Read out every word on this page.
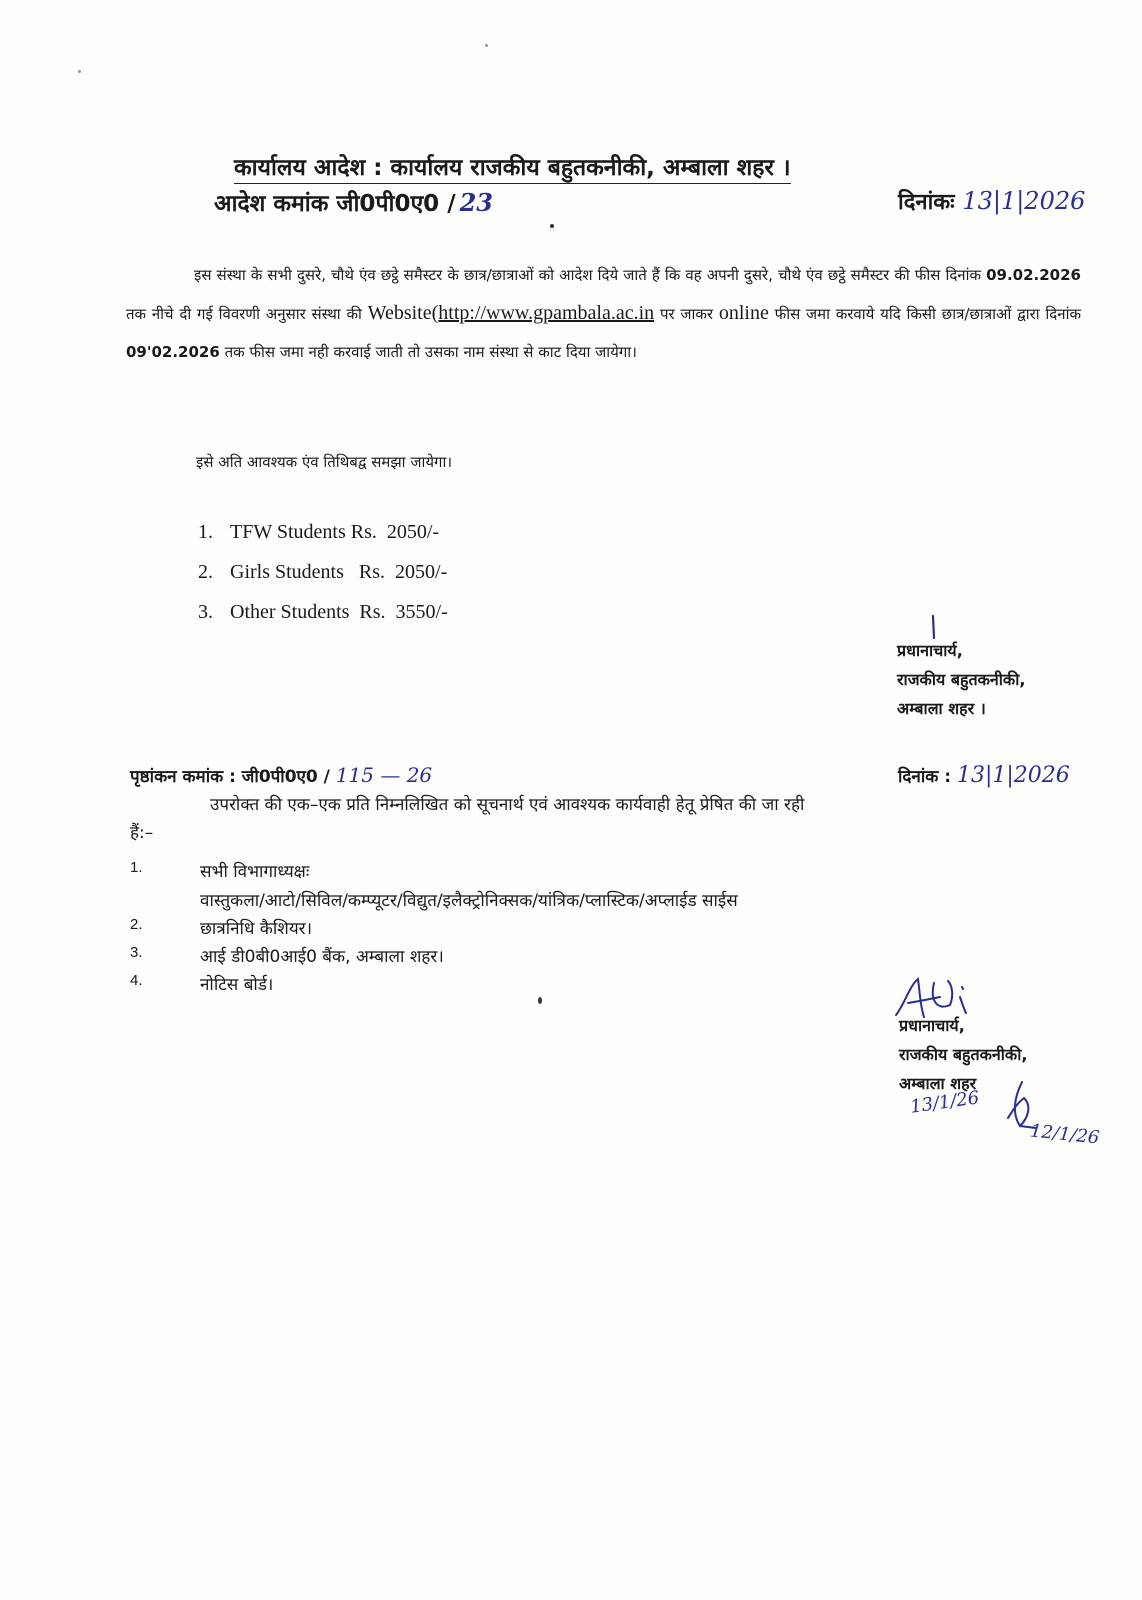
कार्यालय आदेश : कार्यालय राजकीय बहुतकनीकी, अम्बाला शहर ।
आदेश कमांक जी0पी0ए0 / 23	दिनांकः 13|1|2026
इस संस्था के सभी दुसरे, चौथे एंव छट्ठे समैस्टर के छात्र/छात्राओं को आदेश दिये जाते हैं कि वह अपनी दुसरे, चौथे एंव छट्ठे समैस्टर की फीस दिनांक 09.02.2026 तक नीचे दी गई विवरणी अनुसार संस्था की Website(http://www.gpambala.ac.in पर जाकर online फीस जमा करवाये यदि किसी छात्र/छात्राओं द्वारा दिनांक 09'02.2026 तक फीस जमा नही करवाई जाती तो उसका नाम संस्था से काट दिया जायेगा।
इसे अति आवश्यक एंव तिथिबद्व समझा जायेगा।
1. TFW Students Rs.  2050/-
2. Girls Students   Rs.  2050/-
3. Other Students  Rs.  3550/-
प्रधानाचार्य,
राजकीय बहुतकनीकी,
अम्बाला शहर ।
पृष्ठांकन कमांक : जी0पी0ए0 / 115 — 26	दिनांक : 13|1|2026
उपरोक्त की एक–एक प्रति निम्नलिखित को सूचनार्थ एवं आवश्यक कार्यवाही हेतू प्रेषित की जा रही
हैं:–
1.	सभी विभागाध्यक्षः
वास्तुकला/आटो/सिविल/कम्प्यूटर/विद्युत/इलैक्ट्रोनिक्सक/यांत्रिक/प्लास्टिक/अप्लाईड साईस
2.	छात्रनिधि कैशियर।
3.	आई डी0बी0आई0 बैंक, अम्बाला शहर।
4.	नोटिस बोर्ड।
प्रधानाचार्य,
राजकीय बहुतकनीकी,
अम्बाला शहर
13/1/26
12/1/26
